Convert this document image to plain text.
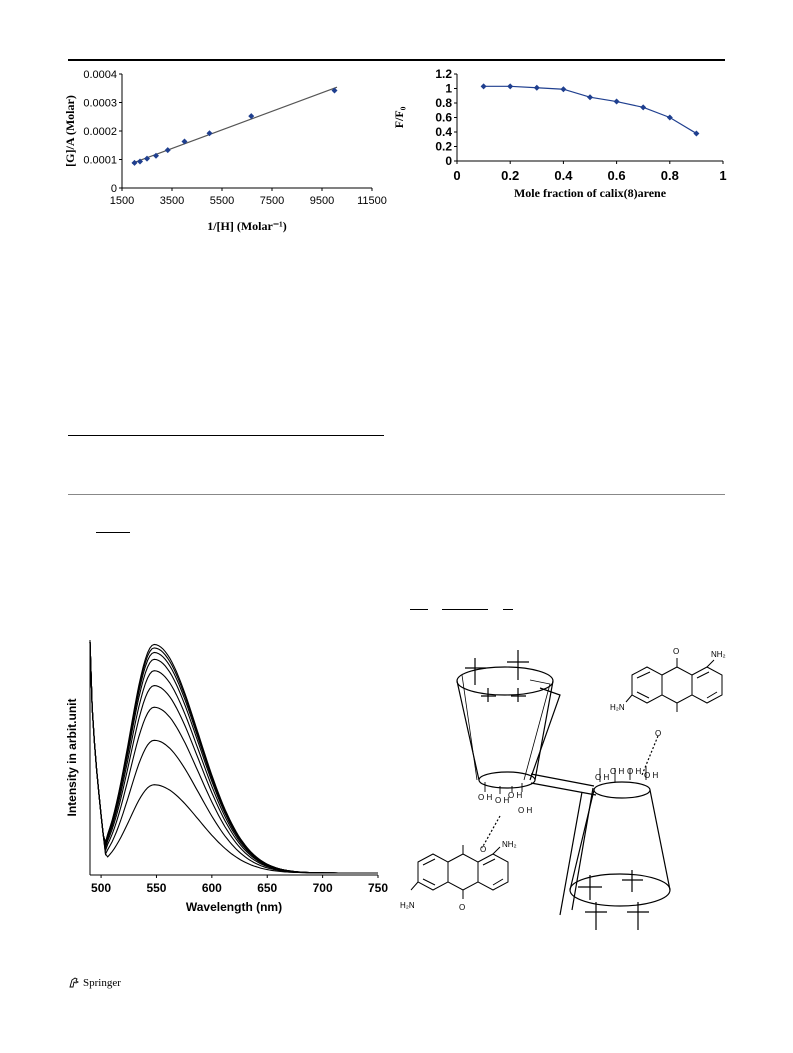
1500 3500 5500 7500 9500 11500
0
0.0001
0.0002
0.0003
0.0004
1/[H] (Molar⁻¹)
[G]/A (Molar)
0	0.2	0.4	0.6	0.8	1
0
0.2
0.4
0.6
0.8
1
1.2
Mole fraction of calix(8)arene
F/F₀
500	550	600	650	700	750
Wavelength (nm)
Intensity in arbit.unit
NH₂
O
H₂N
O
O H O H
O H
O H
O H
O H O H O H
O
NH₂
H₂N	O
Springer
